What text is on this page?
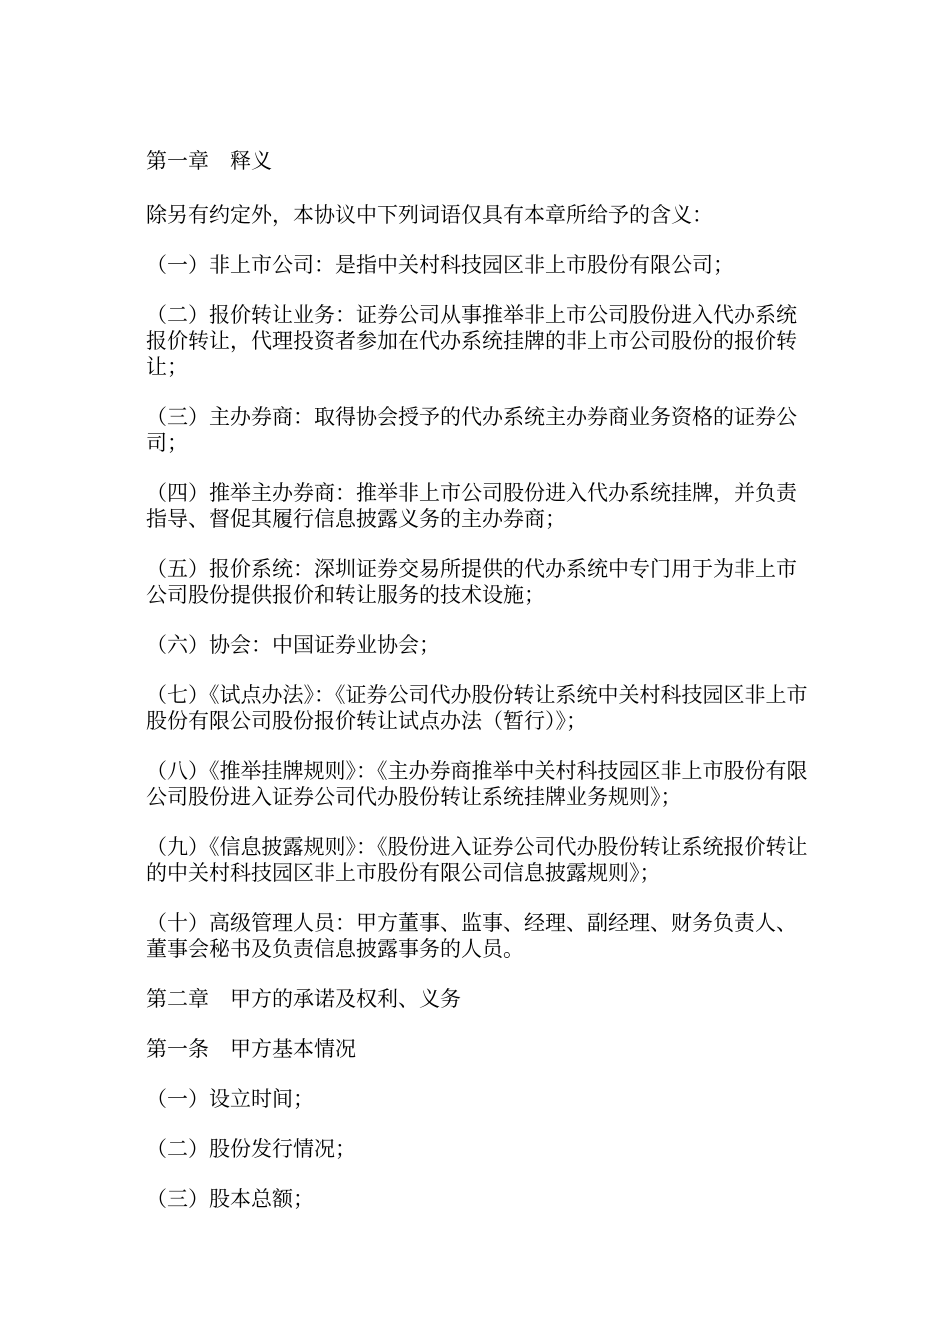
第一章　释义

除另有约定外，本协议中下列词语仅具有本章所给予的含义：

（一）非上市公司：是指中关村科技园区非上市股份有限公司；

（二）报价转让业务：证券公司从事推举非上市公司股份进入代办系统报价转让，代理投资者参加在代办系统挂牌的非上市公司股份的报价转让；

（三）主办券商：取得协会授予的代办系统主办券商业务资格的证券公司；

（四）推举主办券商：推举非上市公司股份进入代办系统挂牌，并负责指导、督促其履行信息披露义务的主办券商；

（五）报价系统：深圳证券交易所提供的代办系统中专门用于为非上市公司股份提供报价和转让服务的技术设施；

（六）协会：中国证券业协会；

（七）《试点办法》：《证券公司代办股份转让系统中关村科技园区非上市股份有限公司股份报价转让试点办法（暂行）》；

（八）《推举挂牌规则》：《主办券商推举中关村科技园区非上市股份有限公司股份进入证券公司代办股份转让系统挂牌业务规则》；

（九）《信息披露规则》：《股份进入证券公司代办股份转让系统报价转让的中关村科技园区非上市股份有限公司信息披露规则》；

（十）高级管理人员：甲方董事、监事、经理、副经理、财务负责人、董事会秘书及负责信息披露事务的人员。

第二章　甲方的承诺及权利、义务

第一条　甲方基本情况

（一）设立时间；

（二）股份发行情况；

（三）股本总额；
